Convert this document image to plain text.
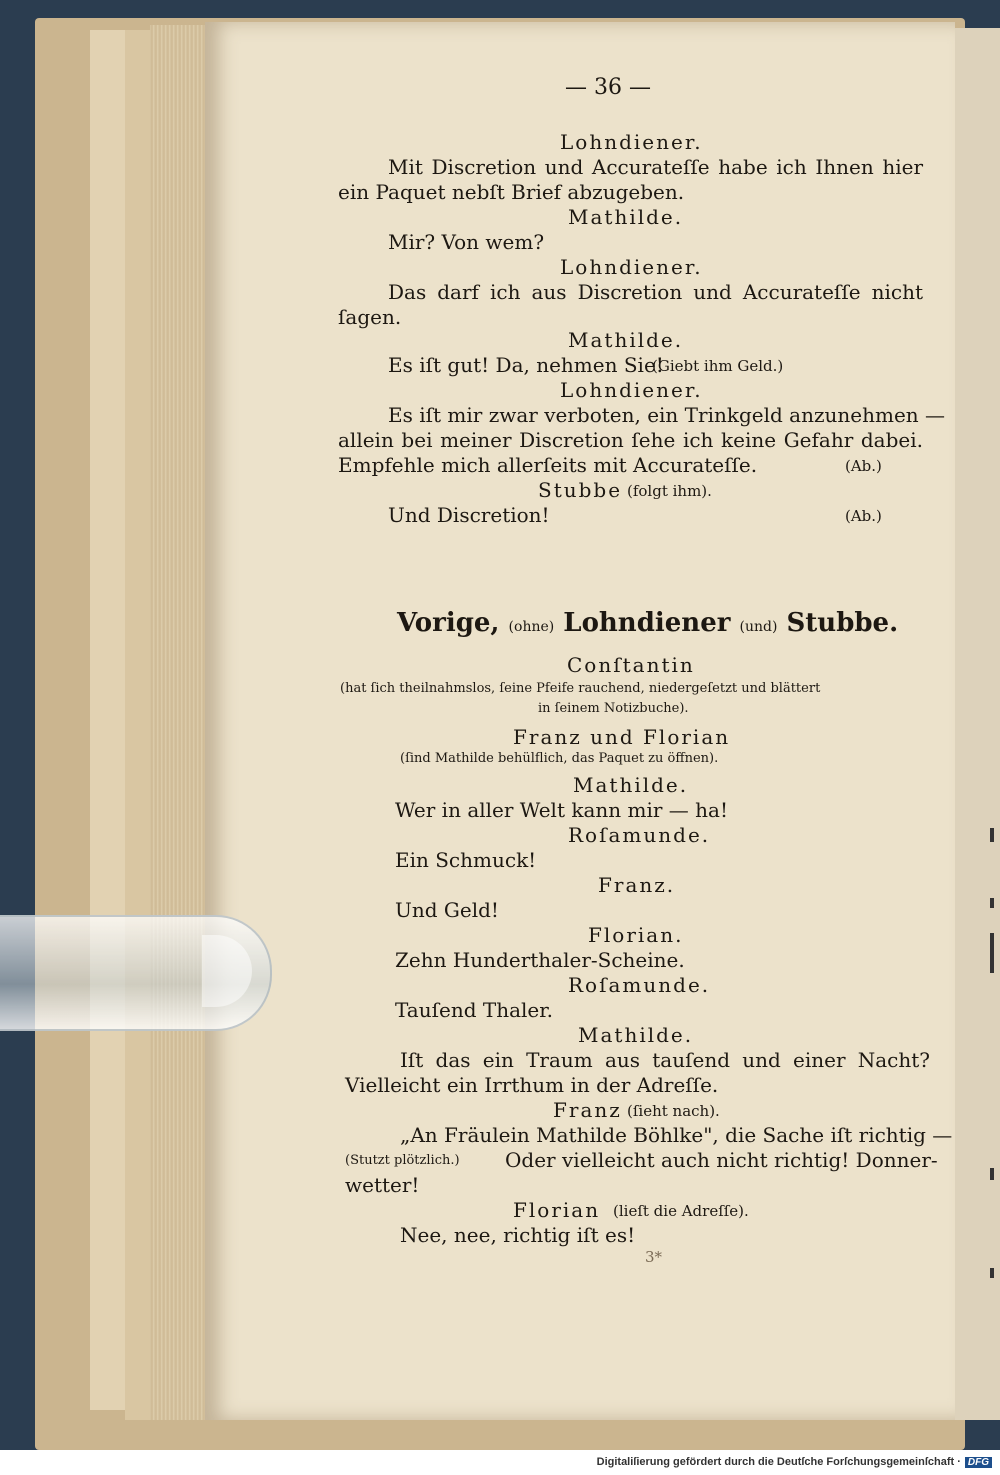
— 36 —
Lohndiener.
Mit Discretion und Accurateſſe habe ich Ihnen hier
ein Paquet nebſt Brief abzugeben.
Mathilde.
Mir? Von wem?
Lohndiener.
Das darf ich aus Discretion und Accurateſſe nicht
ſagen.
Mathilde.
Es iſt gut! Da, nehmen Sie!
(Giebt ihm Geld.)
Lohndiener.
Es iſt mir zwar verboten, ein Trinkgeld anzunehmen —
allein bei meiner Discretion ſehe ich keine Gefahr dabei.
Empfehle mich allerſeits mit Accurateſſe.	(Ab.)
Stubbe (folgt ihm).
Und Discretion!	(Ab.)
Vorige, (ohne) Lohndiener (und) Stubbe.
Conſtantin
(hat ſich theilnahmslos, ſeine Pfeife rauchend, niedergeſetzt und blättert
in ſeinem Notizbuche).
Franz und Florian
(ſind Mathilde behülflich, das Paquet zu öffnen).
Mathilde.
Wer in aller Welt kann mir — ha!
Roſamunde.
Ein Schmuck!
Franz.
Und Geld!
Florian.
Zehn Hunderthaler-Scheine.
Roſamunde.
Tauſend Thaler.
Mathilde.
Iſt das ein Traum aus tauſend und einer Nacht?
Vielleicht ein Irrthum in der Adreſſe.
Franz (ſieht nach).
„An Fräulein Mathilde Böhlke", die Sache iſt richtig —
(Stutzt plötzlich.) Oder vielleicht auch nicht richtig! Donner-
wetter!
Florian (lieſt die Adreſſe).
Nee, nee, richtig iſt es!
3*
Digitaliſierung gefördert durch die Deutſche Forſchungsgemeinſchaft · DFG
